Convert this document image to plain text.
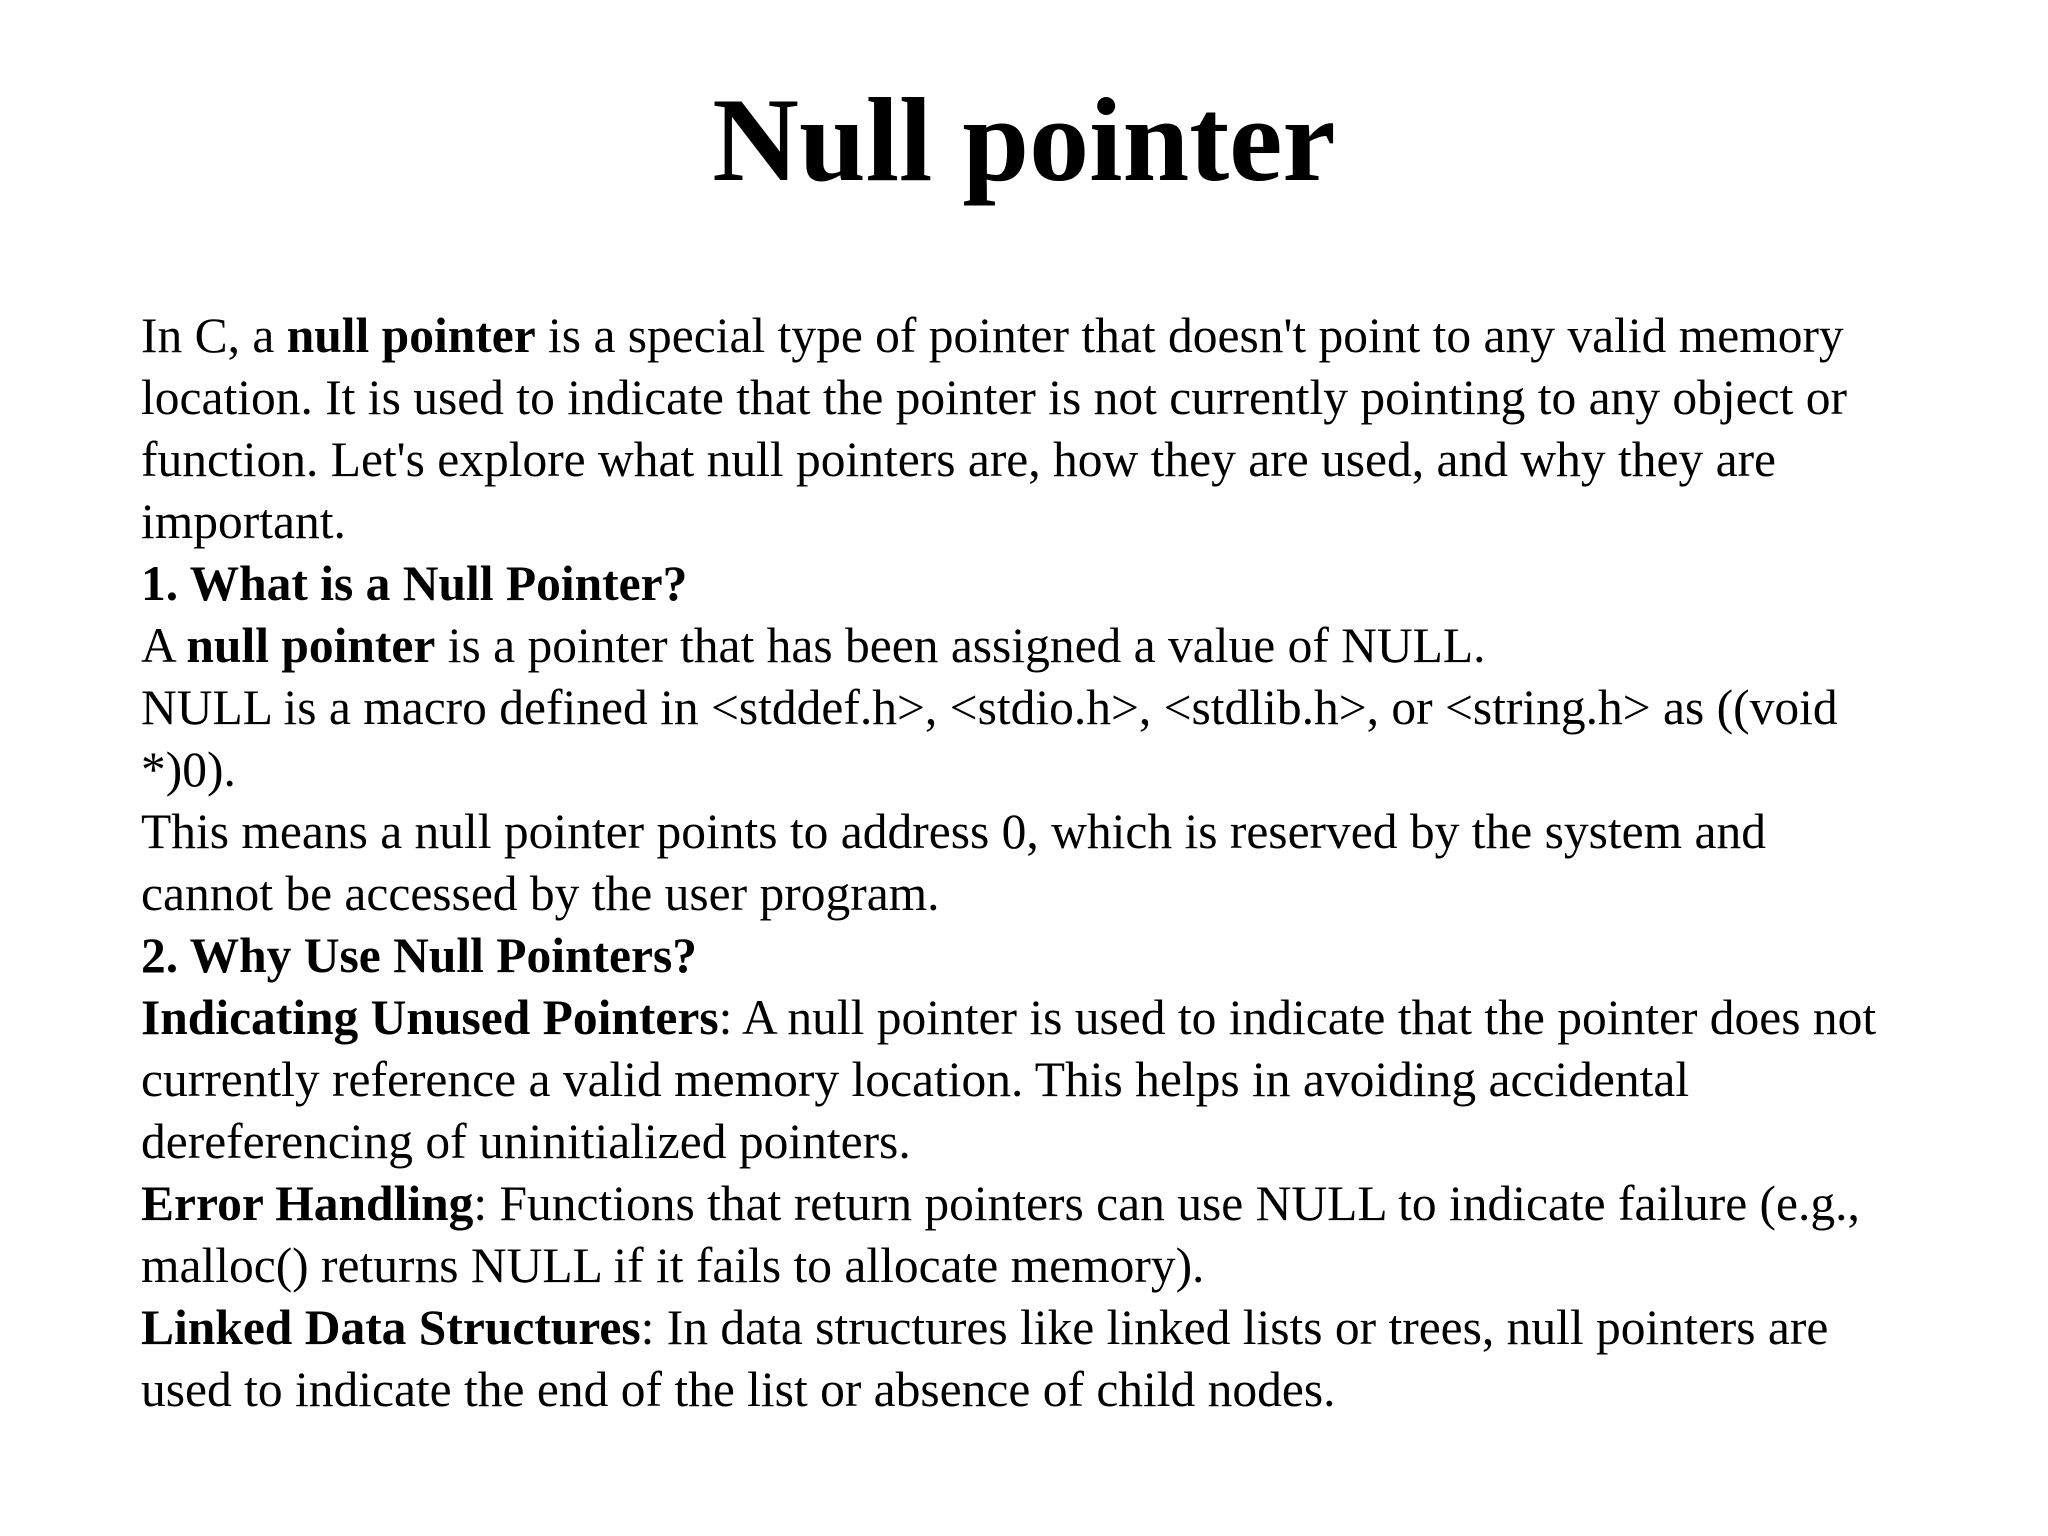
Null pointer
In C, a null pointer is a special type of pointer that doesn't point to any valid memory
location. It is used to indicate that the pointer is not currently pointing to any object or
function. Let's explore what null pointers are, how they are used, and why they are
important.
1. What is a Null Pointer?
A null pointer is a pointer that has been assigned a value of NULL.
NULL is a macro defined in <stddef.h>, <stdio.h>, <stdlib.h>, or <string.h> as ((void
*)0).
This means a null pointer points to address 0, which is reserved by the system and
cannot be accessed by the user program.
2. Why Use Null Pointers?
Indicating Unused Pointers: A null pointer is used to indicate that the pointer does not
currently reference a valid memory location. This helps in avoiding accidental
dereferencing of uninitialized pointers.
Error Handling: Functions that return pointers can use NULL to indicate failure (e.g.,
malloc() returns NULL if it fails to allocate memory).
Linked Data Structures: In data structures like linked lists or trees, null pointers are
used to indicate the end of the list or absence of child nodes.
